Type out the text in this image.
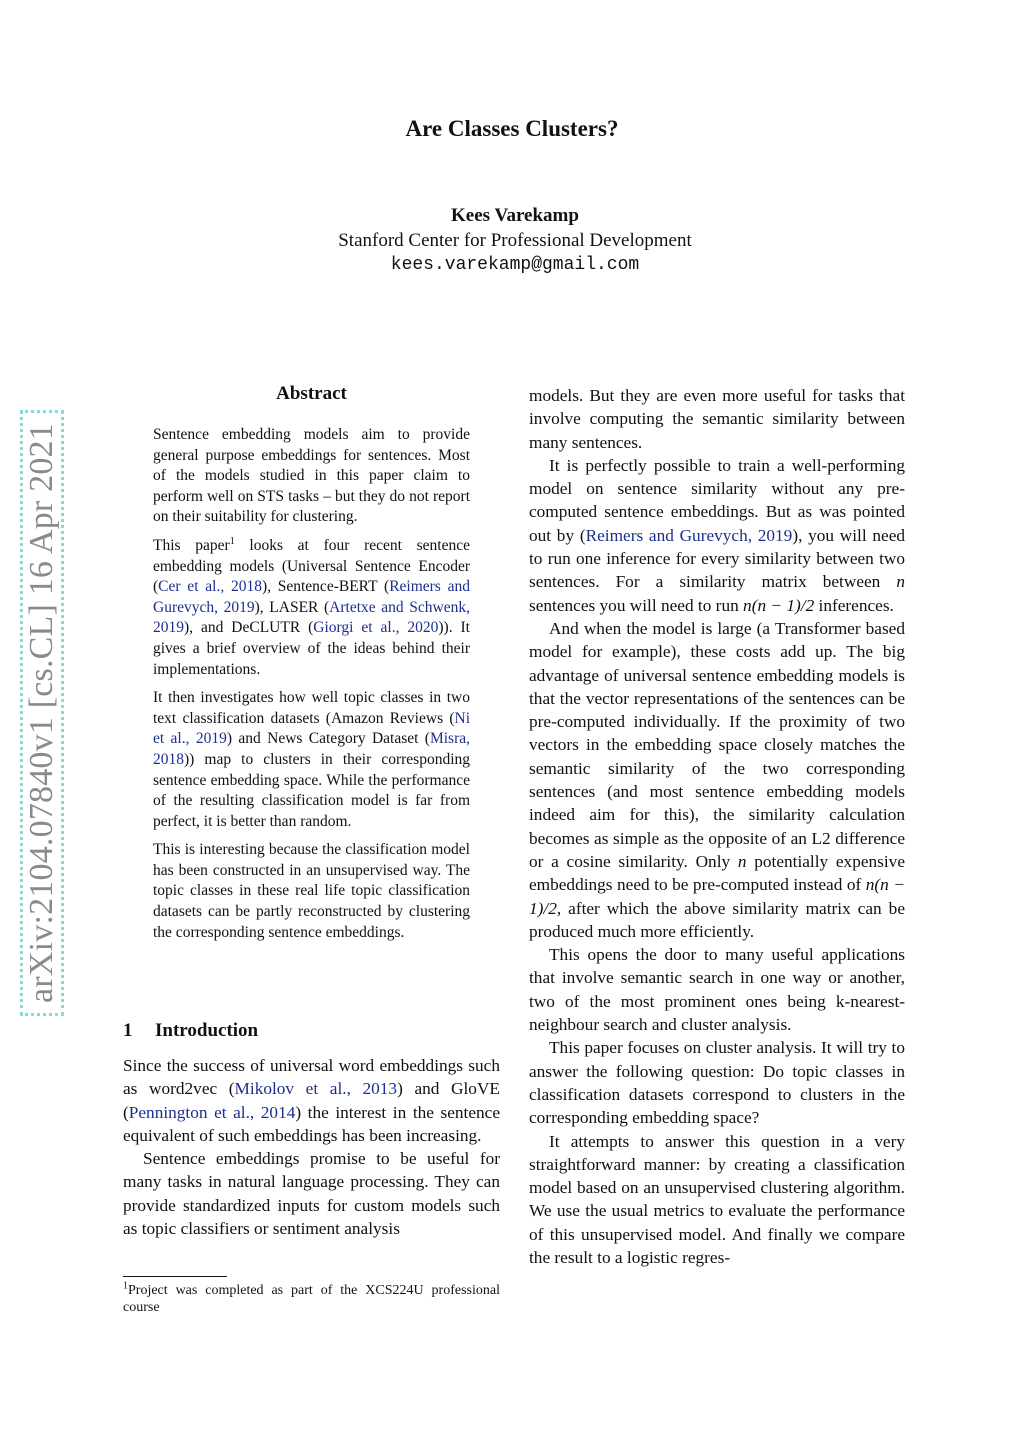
arXiv:2104.07840v1 [cs.CL] 16 Apr 2021
Are Classes Clusters?
Kees Varekamp
Stanford Center for Professional Development
kees.varekamp@gmail.com
Abstract

Sentence embedding models aim to provide general purpose embeddings for sentences. Most of the models studied in this paper claim to perform well on STS tasks – but they do not report on their suitability for clustering.

This paper$^1$ looks at four recent sentence embedding models (Universal Sentence Encoder (Cer et al., 2018), Sentence-BERT (Reimers and Gurevych, 2019), LASER (Artetxe and Schwenk, 2019), and DeCLUTR (Giorgi et al., 2020)). It gives a brief overview of the ideas behind their implementations.

It then investigates how well topic classes in two text classification datasets (Amazon Reviews (Ni et al., 2019) and News Category Dataset (Misra, 2018)) map to clusters in their corresponding sentence embedding space. While the performance of the resulting classification model is far from perfect, it is better than random.

This is interesting because the classification model has been constructed in an unsupervised way. The topic classes in these real life topic classification datasets can be partly reconstructed by clustering the corresponding sentence embeddings.

1 Introduction

Since the success of universal word embeddings such as word2vec (Mikolov et al., 2013) and GloVE (Pennington et al., 2014) the interest in the sentence equivalent of such embeddings has been increasing.

Sentence embeddings promise to be useful for many tasks in natural language processing. They can provide standardized inputs for custom models such as topic classifiers or sentiment analysis

$^1$Project was completed as part of the XCS224U professional course

models. But they are even more useful for tasks that involve computing the semantic similarity between many sentences.

It is perfectly possible to train a well-performing model on sentence similarity without any pre-computed sentence embeddings. But as was pointed out by (Reimers and Gurevych, 2019), you will need to run one inference for every similarity between two sentences. For a similarity matrix between n sentences you will need to run n(n − 1)/2 inferences.

And when the model is large (a Transformer based model for example), these costs add up. The big advantage of universal sentence embedding models is that the vector representations of the sentences can be pre-computed individually. If the proximity of two vectors in the embedding space closely matches the semantic similarity of the two corresponding sentences (and most sentence embedding models indeed aim for this), the similarity calculation becomes as simple as the opposite of an L2 difference or a cosine similarity. Only n potentially expensive embeddings need to be pre-computed instead of n(n − 1)/2, after which the above similarity matrix can be produced much more efficiently.

This opens the door to many useful applications that involve semantic search in one way or another, two of the most prominent ones being k-nearest-neighbour search and cluster analysis.

This paper focuses on cluster analysis. It will try to answer the following question: Do topic classes in classification datasets correspond to clusters in the corresponding embedding space?

It attempts to answer this question in a very straightforward manner: by creating a classification model based on an unsupervised clustering algorithm. We use the usual metrics to evaluate the performance of this unsupervised model. And finally we compare the result to a logistic regres-
